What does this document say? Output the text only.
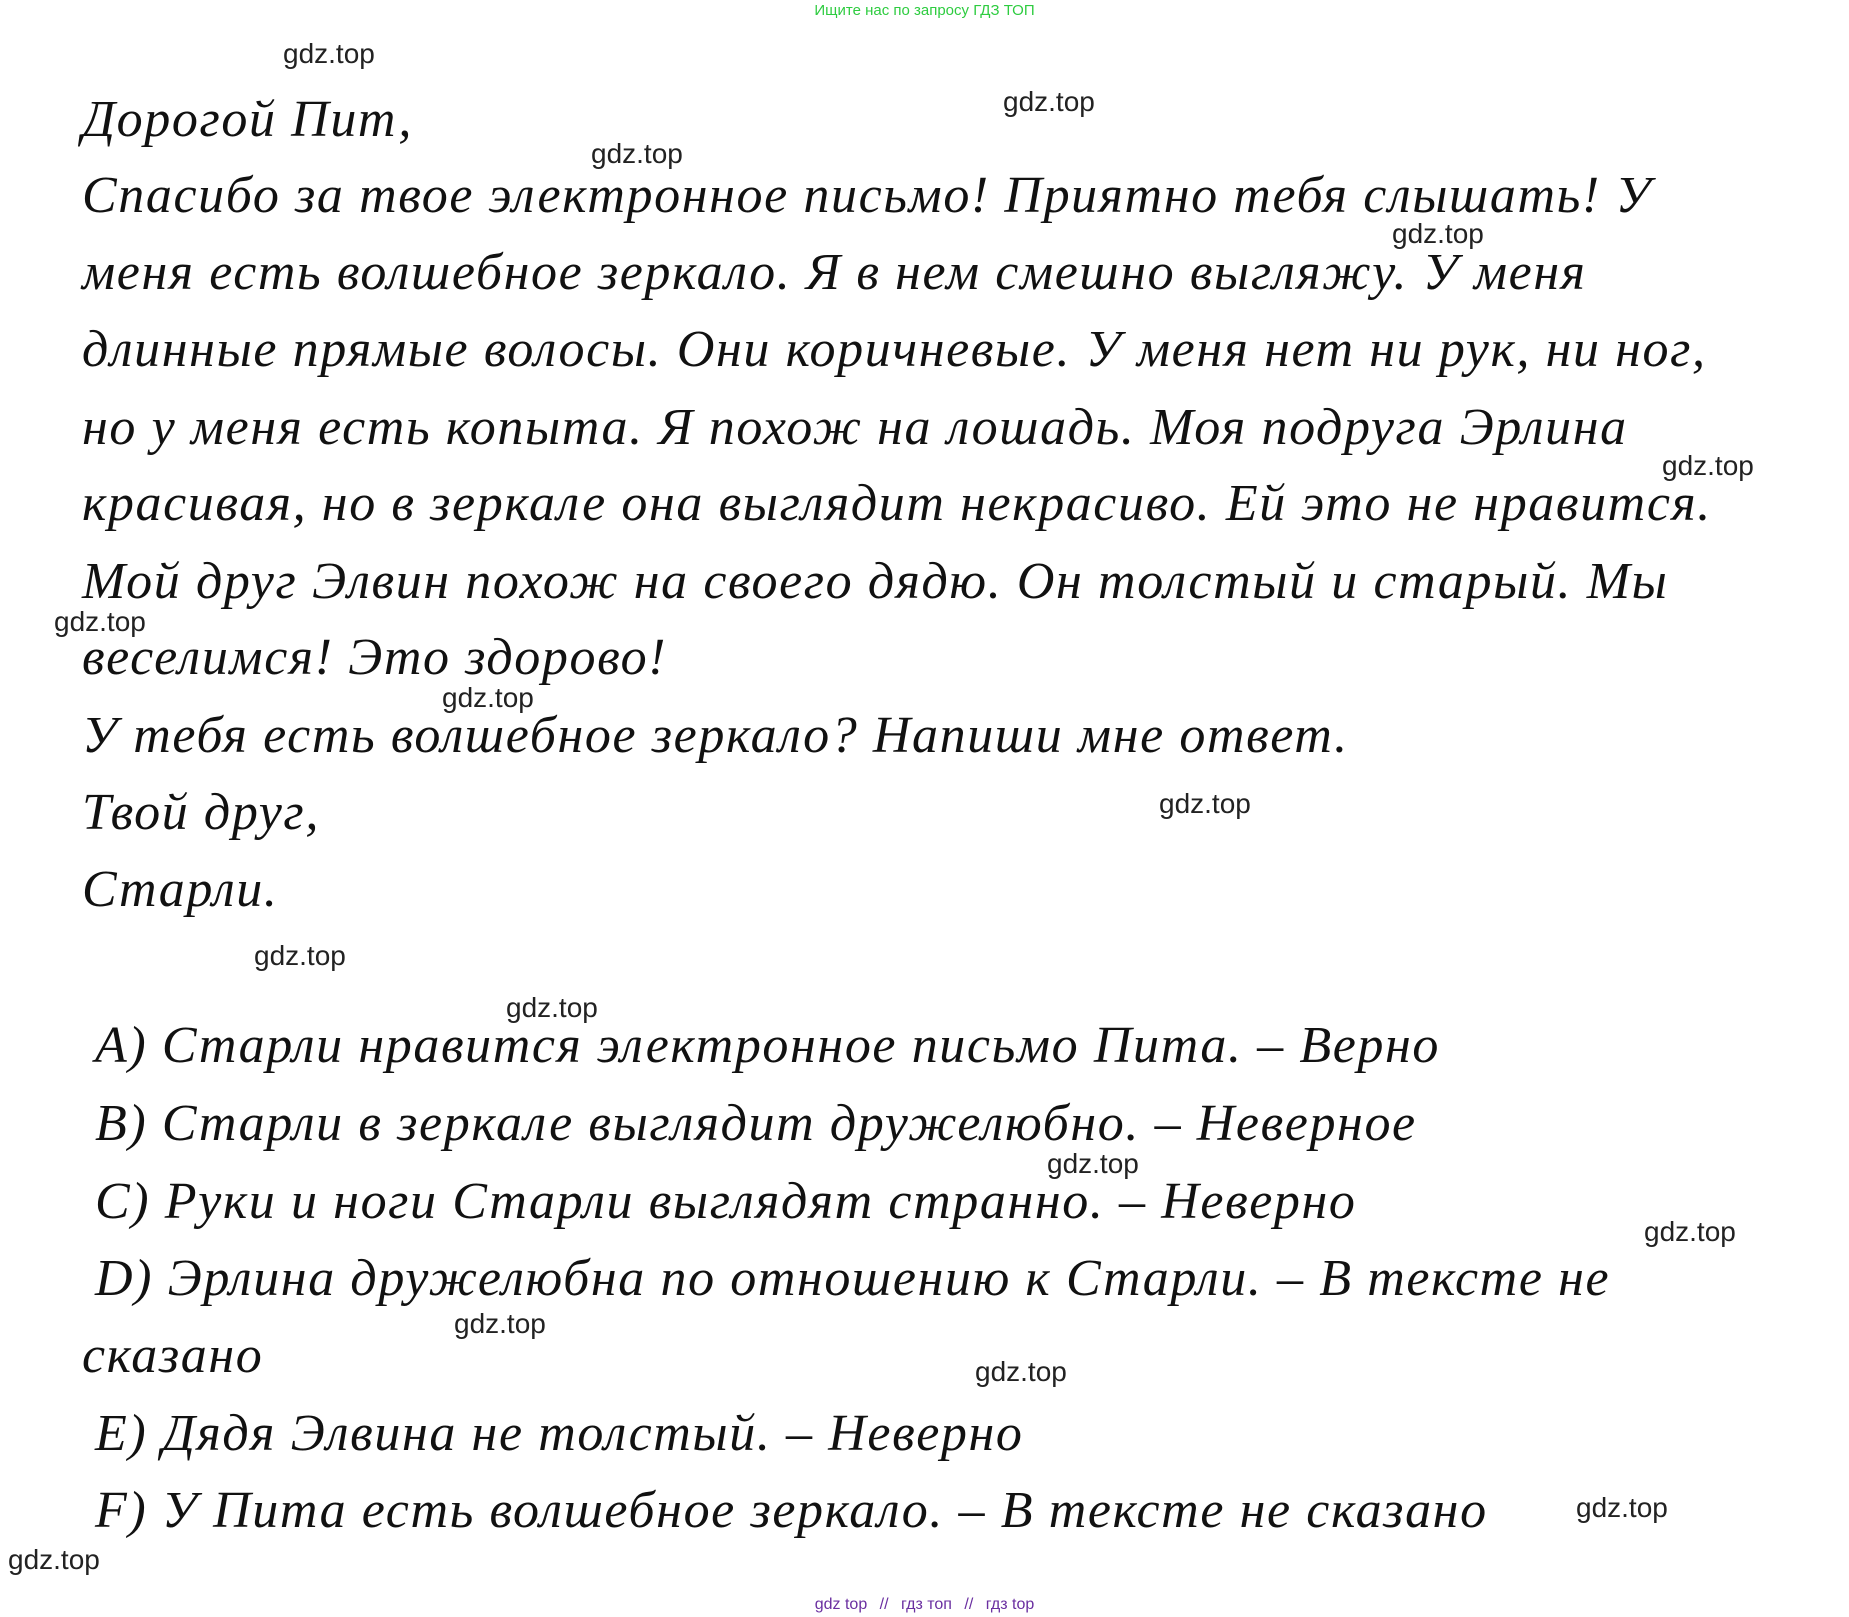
Ищите нас по запросу ГДЗ ТОП

Дорогой Пит,

Спасибо за твое электронное письмо! Приятно тебя слышать! У

меня есть волшебное зеркало. Я в нем смешно выгляжу. У меня

длинные прямые волосы. Они коричневые. У меня нет ни рук, ни ног,

но у меня есть копыта. Я похож на лошадь. Моя подруга Эрлина

красивая, но в зеркале она выглядит некрасиво. Ей это не нравится.

Мой друг Элвин похож на своего дядю. Он толстый и старый. Мы

веселимся! Это здорово!

У тебя есть волшебное зеркало? Напиши мне ответ.

Твой друг,

Старли.

A) Старли нравится электронное письмо Пита. – Верно

B) Старли в зеркале выглядит дружелюбно. – Неверное

C) Руки и ноги Старли выглядят странно. – Неверно

D) Эрлина дружелюбна по отношению к Старли. – В тексте не

сказано

E) Дядя Элвина не толстый. – Неверно

F) У Пита есть волшебное зеркало. – В тексте не сказано

gdz.top
gdz.top
gdz.top
gdz.top
gdz.top
gdz.top
gdz.top
gdz.top
gdz.top
gdz.top
gdz.top
gdz.top
gdz.top
gdz.top
gdz.top
gdz.top
gdz top // гдз топ // гдз top
